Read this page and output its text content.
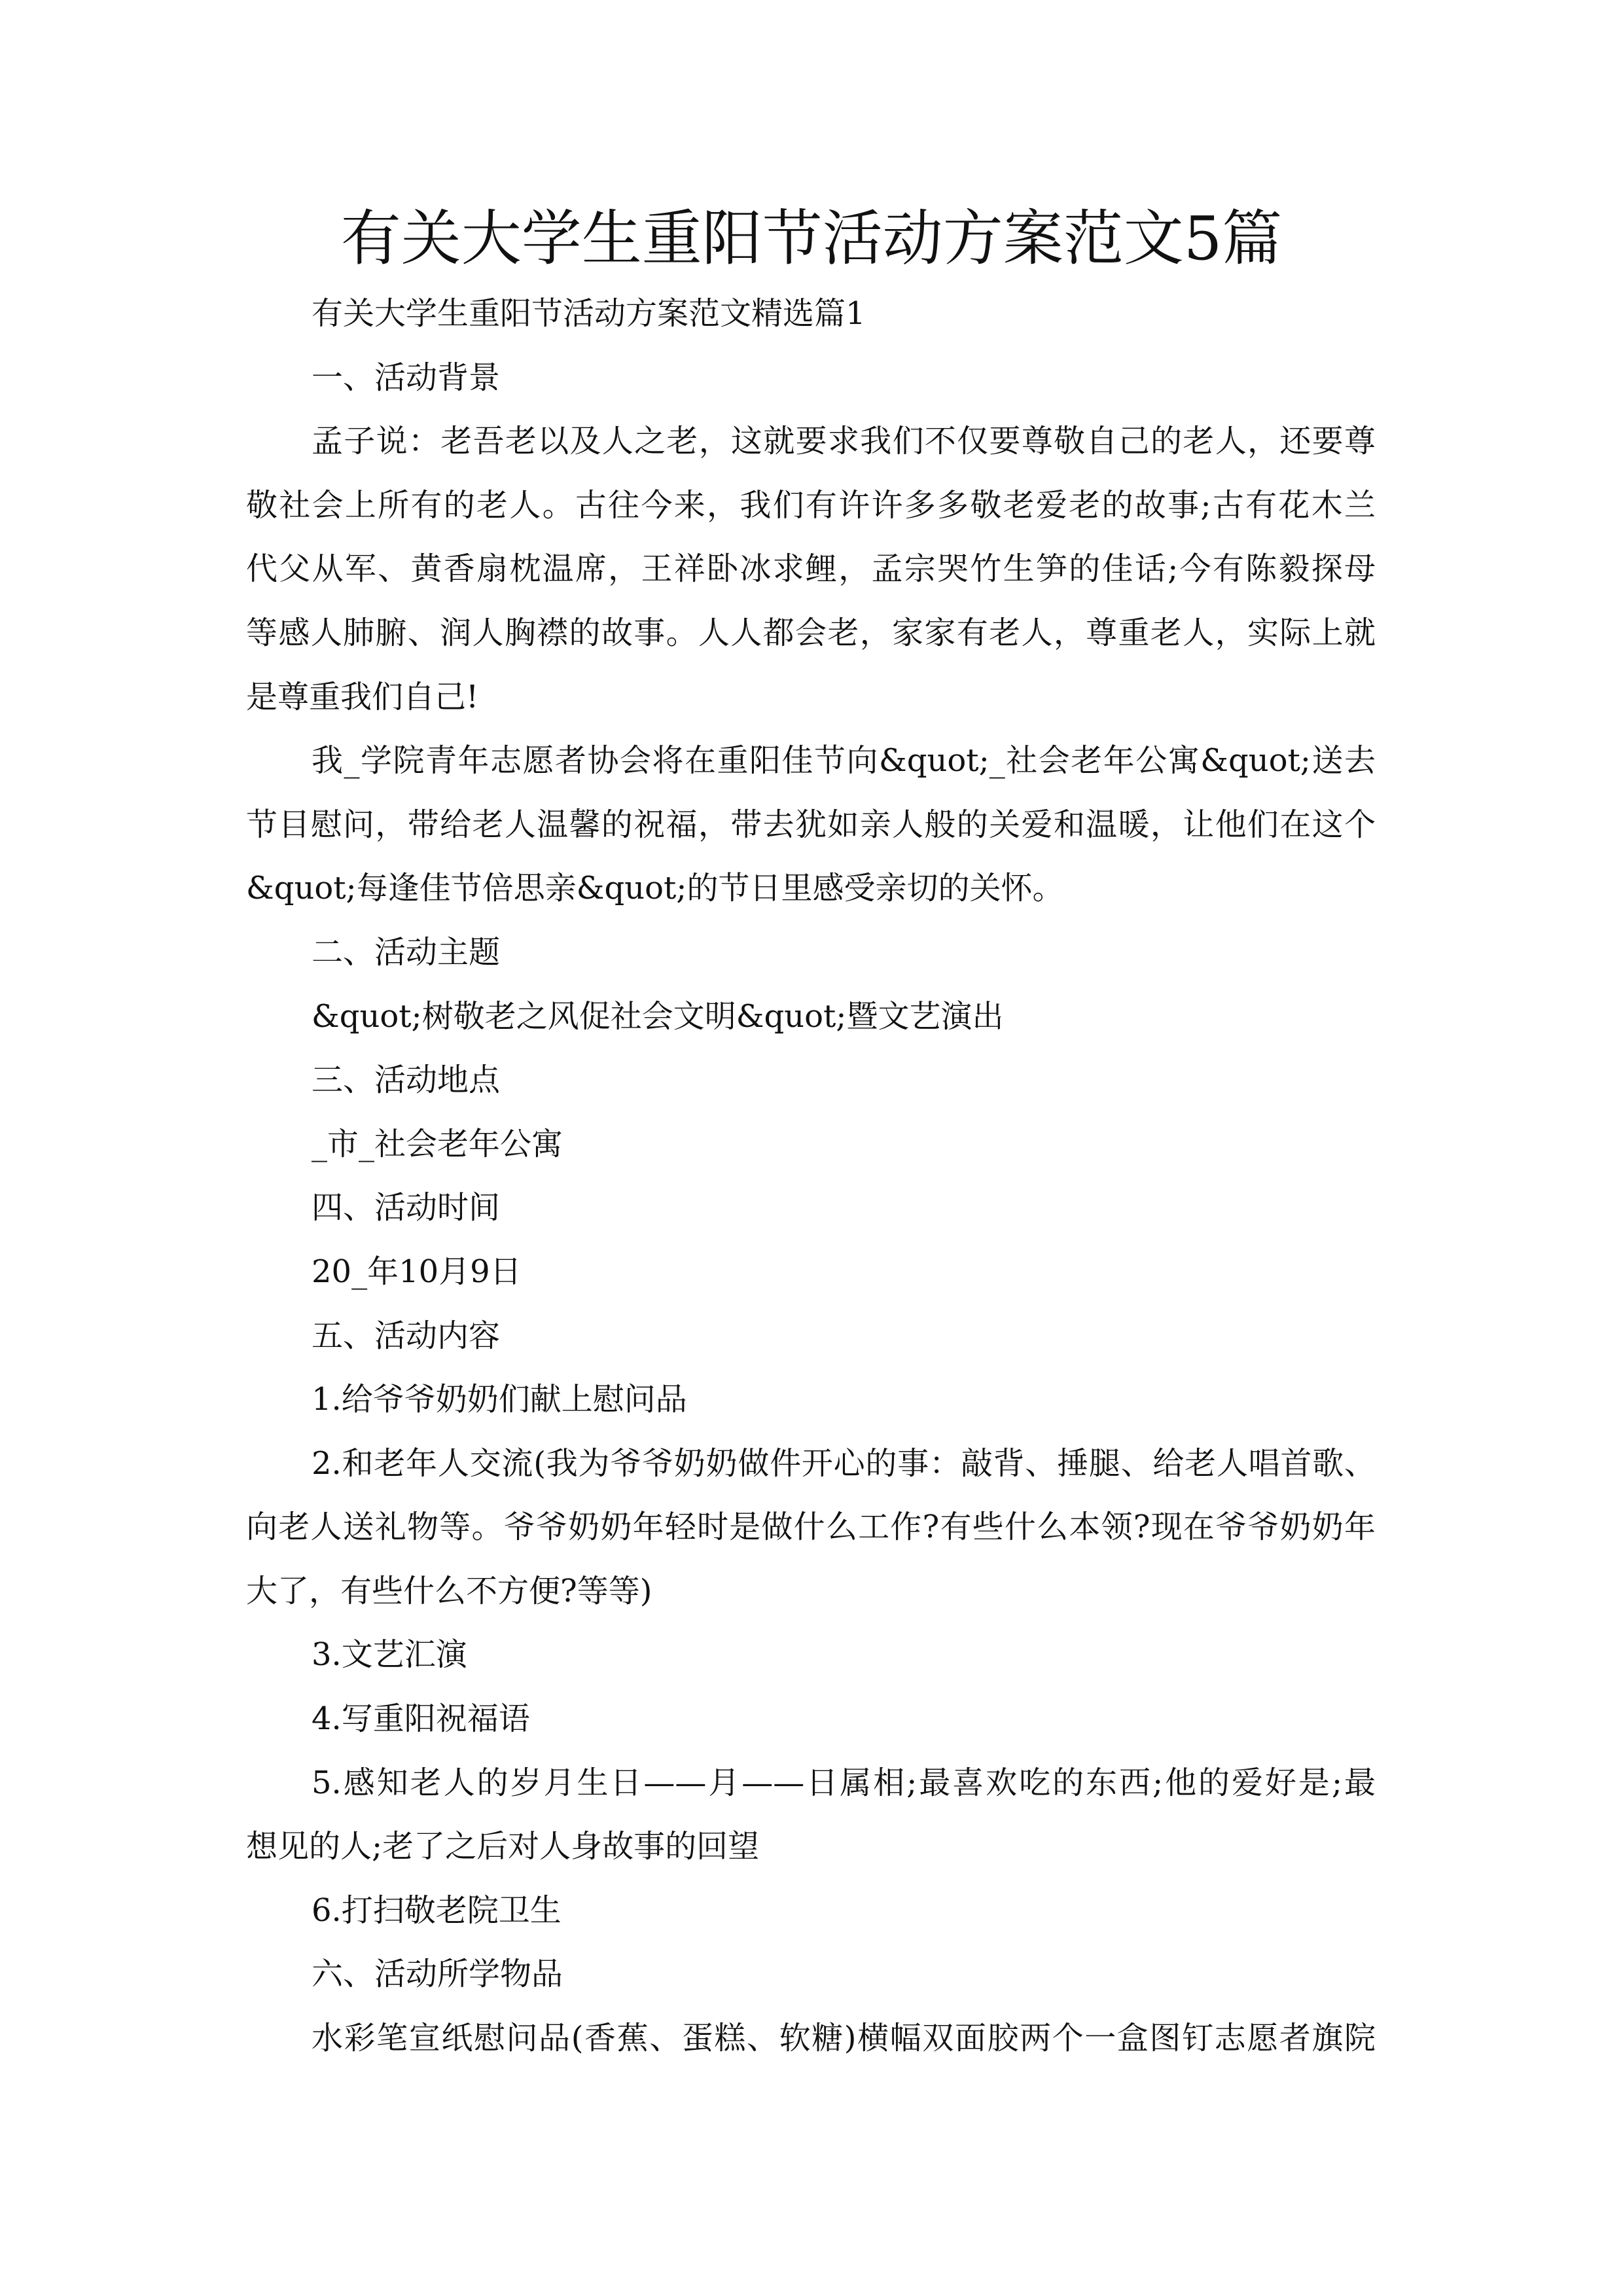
有关大学生重阳节活动方案范文5篇
有关大学生重阳节活动方案范文精选篇1
一、活动背景
孟子说：老吾老以及人之老，这就要求我们不仅要尊敬自己的老人，还要尊
敬社会上所有的老人。古往今来，我们有许许多多敬老爱老的故事;古有花木兰
代父从军、黄香扇枕温席，王祥卧冰求鲤，孟宗哭竹生笋的佳话;今有陈毅探母
等感人肺腑、润人胸襟的故事。人人都会老，家家有老人，尊重老人，实际上就
是尊重我们自己!
我_学院青年志愿者协会将在重阳佳节向&quot;_社会老年公寓&quot;送去
节目慰问，带给老人温馨的祝福，带去犹如亲人般的关爱和温暖，让他们在这个
&quot;每逢佳节倍思亲&quot;的节日里感受亲切的关怀。
二、活动主题
&quot;树敬老之风促社会文明&quot;暨文艺演出
三、活动地点
_市_社会老年公寓
四、活动时间
20_年10月9日
五、活动内容
1.给爷爷奶奶们献上慰问品
2.和老年人交流(我为爷爷奶奶做件开心的事：敲背、捶腿、给老人唱首歌、
向老人送礼物等。爷爷奶奶年轻时是做什么工作?有些什么本领?现在爷爷奶奶年
大了，有些什么不方便?等等)
3.文艺汇演
4.写重阳祝福语
5.感知老人的岁月生日——月——日属相;最喜欢吃的东西;他的爱好是;最
想见的人;老了之后对人身故事的回望
6.打扫敬老院卫生
六、活动所学物品
水彩笔宣纸慰问品(香蕉、蛋糕、软糖)横幅双面胶两个一盒图钉志愿者旗院
